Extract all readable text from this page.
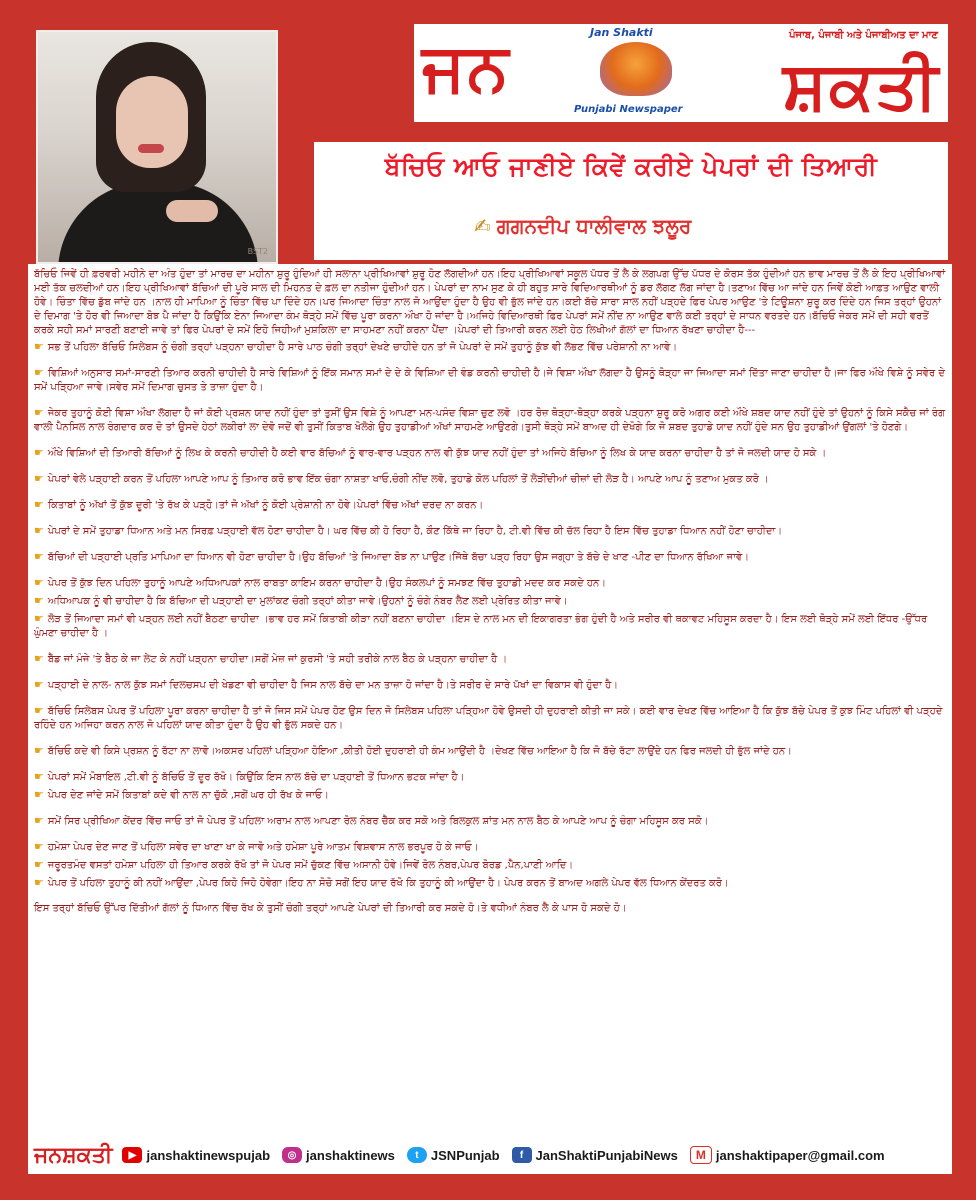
BST2
ਜਨ	Jan Shakti
Punjabi Newspaper
ਪੰਜਾਬ, ਪੰਜਾਬੀ ਅਤੇ ਪੰਜਾਬੀਅਤ ਦਾ ਮਾਣ
ਸ਼ਕਤੀ
ਬੱਚਿਓ ਆਓ ਜਾਣੀਏ ਕਿਵੇਂ ਕਰੀਏ ਪੇਪਰਾਂ ਦੀ ਤਿਆਰੀ
✍ ਗਗਨਦੀਪ ਧਾਲੀਵਾਲ ਝਲੂਰ

ਬੱਚਿਓ ਜਿਵੇਂ ਹੀ ਫ਼ਰਵਰੀ ਮਹੀਨੇ ਦਾ ਅੰਤ ਹੁੰਦਾ ਤਾਂ ਮਾਰਚ ਦਾ ਮਹੀਨਾ ਸ਼ੁਰੂ ਹੁੰਦਿਆਂ ਹੀ ਸਲਾਨਾ ਪ੍ਰੀਖਿਆਵਾਂ ਸ਼ੁਰੂ ਹੋਣ ਲੱਗਦੀਆਂ ਹਨ।ਇਹ ਪ੍ਰੀਖਿਆਵਾਂ ਸਕੂਲ ਪੱਧਰ ਤੋਂ ਲੈ ਕੇ ਲਗਪਗ ਉੱਚ ਪੱਧਰ ਦੇ ਕੋਰਸ ਤੱਕ ਹੁੰਦੀਆਂ ਹਨ ਭਾਵ ਮਾਰਚ ਤੋਂ ਲੈ ਕੇ ਇਹ ਪ੍ਰੀਖਿਆਵਾਂ ਮਈ ਤੱਕ ਚਲਦੀਆਂ ਹਨ।ਇਹ ਪ੍ਰੀਖਿਆਵਾਂ ਬੱਚਿਆਂ ਦੀ ਪੂਰੇ ਸਾਲ ਦੀ ਮਿਹਨਤ ਦੇ ਫ਼ਲ ਦਾ ਨਤੀਜਾ ਹੁੰਦੀਆਂ ਹਨ। ਪੇਪਰਾਂ ਦਾ ਨਾਮ ਸੁਣ ਕੇ ਹੀ ਬਹੁਤ ਸਾਰੇ ਵਿਦਿਆਰਥੀਆਂ ਨੂੰ ਡਰ ਲੱਗਣ ਲੱਗ ਜਾਂਦਾ ਹੈ।ਤਣਾਅ ਵਿੱਚ ਆ ਜਾਂਦੇ ਹਨ ਜਿਵੇਂ ਕੋਈ ਆਫ਼ਤ ਆਉਣ ਵਾਲੀ ਹੋਵੇ। ਚਿੰਤਾ ਵਿੱਚ ਡੁੱਬ ਜਾਂਦੇ ਹਨ ।ਨਾਲ ਹੀ ਮਾਪਿਆ ਨੂੰ ਚਿੰਤਾ ਵਿੱਚ ਪਾ ਦਿੰਦੇ ਹਨ।ਪਰ ਜਿਆਦਾ ਚਿੰਤਾ ਨਾਲ ਜੋ ਆਉਂਦਾ ਹੁੰਦਾ ਹੈ ਉਹ ਵੀ ਭੁੱਲ ਜਾਂਦੇ ਹਨ।ਕਈ ਬੱਚੇ ਸਾਰਾ ਸਾਲ ਨਹੀਂ ਪੜ੍ਹਦੇ ਫਿਰ ਪੇਪਰ ਆਉਣ 'ਤੇ ਟਿਊਸ਼ਨਾ ਸ਼ੁਰੂ ਕਰ ਦਿੰਦੇ ਹਨ ਜਿਸ ਤਰ੍ਹਾਂ ਉਹਨਾਂ ਦੇ ਦਿਮਾਗ 'ਤੇ ਹੋਰ ਵੀ ਜਿਆਦਾ ਬੋਝ ਪੈ ਜਾਂਦਾ ਹੈ ਕਿਉਂਕਿ ਏਨਾ ਜਿਆਦਾ ਕੰਮ ਥੋੜ੍ਹੇ ਸਮੇਂ ਵਿੱਚ ਪੂਰਾ ਕਰਨਾ ਔਖਾ ਹੋ ਜਾਂਦਾ ਹੈ।ਅਜਿਹੇ ਵਿਦਿਆਰਥੀ ਫਿਰ ਪੇਪਰਾਂ ਸਮੇਂ ਨੀਂਦ ਨਾ ਆਉਣ ਵਾਲੇ ਕਈ ਤਰ੍ਹਾਂ ਦੇ ਸਾਧਨ ਵਰਤਦੇ ਹਨ।ਬੱਚਿਓ ਜੇਕਰ ਸਮੇਂ ਦੀ ਸਹੀ ਵਰਤੋਂ ਕਰਕੇ ਸਹੀ ਸਮਾਂ ਸਾਰਣੀ ਬਣਾਈ ਜਾਵੇ ਤਾਂ ਫਿਰ ਪੇਪਰਾਂ ਦੇ ਸਮੇਂ ਇਹੋ ਜਿਹੀਆਂ ਮੁਸ਼ਕਿਲਾ ਦਾ ਸਾਹਮਣਾ ਨਹੀਂ ਕਰਨਾ ਪੈਂਦਾ ।ਪੇਪਰਾਂ ਦੀ ਤਿਆਰੀ ਕਰਨ ਲਈ ਹੇਠ ਲਿਖੀਆਂ ਗੱਲਾਂ ਦਾ ਧਿਆਨ ਰੱਖਣਾ ਚਾਹੀਦਾ ਹੈ---

☛ ਸਭ ਤੋਂ ਪਹਿਲਾ ਬੱਚਿਓ ਸਿਲੇਬਸ ਨੂੰ ਚੰਗੀ ਤਰ੍ਹਾਂ ਪੜ੍ਹਨਾ ਚਾਹੀਦਾ ਹੈ ਸਾਰੇ ਪਾਠ ਚੰਗੀ ਤਰ੍ਹਾਂ ਦੇਖਣੇ ਚਾਹੀਦੇ ਹਨ ਤਾਂ ਜੋ ਪੇਪਰਾਂ ਦੇ ਸਮੇਂ ਤੁਹਾਨੂੰ ਕੁੱਝ ਵੀ ਲੱਭਣ ਵਿੱਚ ਪਰੇਸ਼ਾਨੀ ਨਾ ਆਵੇ।

☛ ਵਿਸ਼ਿਆਂ ਅਨੁਸਾਰ ਸਮਾਂ-ਸਾਰਣੀ ਤਿਆਰ ਕਰਨੀ ਚਾਹੀਦੀ ਹੈ ਸਾਰੇ ਵਿਸ਼ਿਆਂ ਨੂੰ ਇੱਕ ਸਮਾਨ ਸਮਾਂ ਦੇ ਦੇ ਕੇ ਵਿਸ਼ਿਆ ਦੀ ਵੰਡ ਕਰਨੀ ਚਾਹੀਦੀ ਹੈ।ਜੇ ਵਿਸ਼ਾ ਔਖਾ ਲੱਗਦਾ ਹੈ ਉਸਨੂੰ ਥੋੜ੍ਹਾ ਜਾ ਜਿਆਦਾ ਸਮਾਂ ਦਿੱਤਾ ਜਾਣਾ ਚਾਹੀਦਾ ਹੈ।ਜਾ ਫਿਰ ਔਖੇ ਵਿਸ਼ੇ ਨੂੰ ਸਵੇਰ ਦੇ ਸਮੇਂ ਪੜ੍ਹਿਆ ਜਾਵੇ।ਸਵੇਰ ਸਮੇਂ ਦਿਮਾਗ ਚੁਸਤ ਤੇ ਤਾਜ਼ਾ ਹੁੰਦਾ ਹੈ।

☛ ਜੇਕਰ ਤੁਹਾਨੂੰ ਕੋਈ ਵਿਸ਼ਾ ਔਖਾ ਲੱਗਦਾ ਹੈ ਜਾਂ ਕੋਈ ਪ੍ਰਸ਼ਨ ਯਾਦ ਨਹੀਂ ਹੁੰਦਾ ਤਾਂ ਤੁਸੀਂ ਉਸ ਵਿਸ਼ੇ ਨੂੰ ਆਪਣਾ ਮਨ-ਪਸੰਦ ਵਿਸ਼ਾ ਚੁਣ ਲਵੋ ।ਹਰ ਰੋਜ਼ ਥੋੜ੍ਹਾ-ਥੋੜ੍ਹਾ ਕਰਕੇ ਪੜ੍ਹਨਾ ਸ਼ੁਰੂ ਕਰੋ ਅਗਰ ਕਈ ਔਖੇ ਸ਼ਬਦ ਯਾਦ ਨਹੀਂ ਹੁੰਦੇ ਤਾਂ ਉਹਨਾਂ ਨੂੰ ਕਿਸੇ ਸਕੈਚ ਜਾਂ ਰੰਗ ਵਾਲੀ ਪੈਨਸਿਲ ਨਾਲ ਰੰਗਦਾਰ ਕਰ ਦੋ ਤਾਂ ਉਸਦੇ ਹੇਠਾਂ ਲਕੀਰਾਂ ਲਾ ਦੇਵੋ ਜਦੋਂ ਵੀ ਤੁਸੀਂ ਕਿਤਾਬ ਖੋਲੋਗੇ ਉਹ ਤੁਹਾਡੀਆਂ ਅੱਖਾਂ ਸਾਹਮਣੇ ਆਉਣਗੇ।ਤੁਸੀ ਥੋੜ੍ਹੇ ਸਮੇਂ ਬਾਅਦ ਹੀ ਦੇਖੋਗੇ ਕਿ ਜੋ ਸ਼ਬਦ ਤੁਹਾਡੇ ਯਾਦ ਨਹੀਂ ਹੁੰਦੇ ਸਨ ਉਹ ਤੁਹਾਡੀਆਂ ਉਂਗਲਾਂ 'ਤੇ ਹੋਣਗੇ।

☛ ਔਖੇ ਵਿਸ਼ਿਆਂ ਦੀ ਤਿਆਰੀ ਬੱਚਿਆਂ ਨੂੰ ਲਿਖ ਕੇ ਕਰਨੀ ਚਾਹੀਦੀ ਹੈ ਕਈ ਵਾਰ ਬੱਚਿਆਂ ਨੂੰ ਵਾਰ-ਵਾਰ ਪੜ੍ਹਨ ਨਾਲ ਵੀ ਕੁੱਝ ਯਾਦ ਨਹੀਂ ਹੁੰਦਾ ਤਾਂ ਅਜਿਹੇ ਬੱਚਿਆ ਨੂੰ ਲਿਖ ਕੇ ਯਾਦ ਕਰਨਾ ਚਾਹੀਦਾ ਹੈ ਤਾਂ ਜੋ ਜਲਦੀ ਯਾਦ ਹੋ ਸਕੇ ।

☛ ਪੇਪਰਾਂ ਵੇਲੇ ਪੜ੍ਹਾਈ ਕਰਨ ਤੋਂ ਪਹਿਲਾ ਆਪਣੇ ਆਪ ਨੂੰ ਤਿਆਰ ਕਰੋ ਭਾਵ ਇੱਕ ਚੰਗਾ ਨਾਸ਼ਤਾ ਖਾਓ,ਚੰਗੀ ਨੀਂਦ ਲਵੋ, ਤੁਹਾਡੇ ਕੋਲ ਪਹਿਲਾਂ ਤੋਂ ਲੋੜੀਂਦੀਆਂ ਚੀਜ਼ਾਂ ਦੀ ਲੋੜ ਹੈ। ਆਪਣੇ ਆਪ ਨੂੰ ਤਣਾਅ ਮੁਕਤ ਕਰੋ ।

☛ ਕਿਤਾਬਾਂ ਨੂੰ ਅੱਖਾਂ ਤੋਂ ਕੁੱਝ ਦੂਰੀ 'ਤੇ ਰੱਖ ਕੇ ਪੜ੍ਹੋ।ਤਾਂ ਜੋ ਅੱਖਾਂ ਨੂੰ ਕੋਈ ਪ੍ਰੇਸ਼ਾਨੀ ਨਾ ਹੋਵੇ।ਪੇਪਰਾਂ ਵਿੱਚ ਅੱਖਾਂ ਦਰਦ ਨਾ ਕਰਨ।

☛ ਪੇਪਰਾਂ ਦੇ ਸਮੇਂ ਤੁਹਾਡਾ ਧਿਆਨ ਅਤੇ ਮਨ ਸਿਰਫ਼ ਪੜ੍ਹਾਈ ਵੱਲ ਹੋਣਾ ਚਾਹੀਦਾ ਹੈ। ਘਰ ਵਿੱਚ ਕੀ ਹੋ ਰਿਹਾ ਹੈ, ਕੌਣ ਕਿੱਥੇ ਜਾ ਰਿਹਾ ਹੈ, ਟੀ.ਵੀ ਵਿੱਚ ਕੀ ਚੱਲ ਰਿਹਾ ਹੈ ਇਸ ਵਿੱਚ ਤੁਹਾਡਾ ਧਿਆਨ ਨਹੀਂ ਹੋਣਾ ਚਾਹੀਦਾ।

☛ ਬੱਚਿਆਂ ਦੀ ਪੜ੍ਹਾਈ ਪ੍ਰਤਿ ਮਾਪਿਆ ਦਾ ਧਿਆਨ ਵੀ ਹੋਣਾ ਚਾਹੀਦਾ ਹੈ।ਉਹ ਬੱਚਿਆਂ 'ਤੇ ਜਿਆਦਾ ਬੋਝ ਨਾ ਪਾਉਣ।ਜਿੱਥੇ ਬੱਚਾ ਪੜ੍ਹ ਰਿਹਾ ਉਸ ਜਗ੍ਹਾ ਤੇ ਬੱਚੇ ਦੇ ਖਾਣ -ਪੀਣ ਦਾ ਧਿਆਨ ਰੱਖਿਆ ਜਾਵੇ।

☛ ਪੇਪਰ ਤੋਂ ਕੁੱਝ ਦਿਨ ਪਹਿਲਾ ਤੁਹਾਨੂੰ ਆਪਣੇ ਅਧਿਆਪਕਾਂ ਨਾਲ ਰਾਬਤਾ ਕਾਇਮ ਕਰਨਾ ਚਾਹੀਦਾ ਹੈ।ਉਹ ਸੰਕਲਪਾਂ ਨੂੰ ਸਮਝਣ ਵਿੱਚ ਤੁਹਾਡੀ ਮਦਦ ਕਰ ਸਕਦੇ ਹਨ।

☛ ਅਧਿਆਪਕ ਨੂੰ ਵੀ ਚਾਹੀਦਾ ਹੈ ਕਿ ਬੱਚਿਆ ਦੀ ਪੜ੍ਹਾਈ ਦਾ ਮੁਲਾਂਕਣ ਚੰਗੀ ਤਰ੍ਹਾਂ ਕੀਤਾ ਜਾਵੇ।ਉਹਨਾਂ ਨੂੰ ਚੰਗੇ ਨੰਬਰ ਲੈਣ ਲਈ ਪ੍ਰੇਰਿਤ ਕੀਤਾ ਜਾਵੇ।

☛ ਲੋੜ ਤੋਂ ਜਿਆਦਾ ਸਮਾਂ ਵੀ ਪੜ੍ਹਨ ਲਈ ਨਹੀਂ ਬੈਠਣਾ ਚਾਹੀਦਾ ।ਭਾਵ ਹਰ ਸਮੇਂ ਕਿਤਾਬੀ ਕੀੜਾ ਨਹੀਂ ਬਣਨਾ ਚਾਹੀਦਾ ।ਇਸ ਦੇ ਨਾਲ ਮਨ ਦੀ ਇਕਾਗਰਤਾ ਭੰਗ ਹੁੰਦੀ ਹੈ ਅਤੇ ਸਰੀਰ ਵੀ ਥਕਾਵਟ ਮਹਿਸੂਸ ਕਰਦਾ ਹੈ। ਇਸ ਲਈ ਥੋੜ੍ਹੇ ਸਮੇਂ ਲਈ ਇੱਧਰ -ਉੱਧਰ ਘੁੰਮਣਾ ਚਾਹੀਦਾ ਹੈ ।

☛ ਬੈੱਡ ਜਾਂ ਮੰਜੇ 'ਤੇ ਬੈਠ ਕੇ ਜਾ ਲੇਟ ਕੇ ਨਹੀਂ ਪੜ੍ਹਨਾ ਚਾਹੀਦਾ।ਸਗੋਂ ਮੇਜ਼ ਜਾਂ ਕੁਰਸੀ 'ਤੇ ਸਹੀ ਤਰੀਕੇ ਨਾਲ ਬੈਠ ਕੇ ਪੜ੍ਹਨਾ ਚਾਹੀਦਾ ਹੈ ।

☛ ਪੜ੍ਹਾਈ ਦੇ ਨਾਲ- ਨਾਲ ਕੁੱਝ ਸਮਾਂ ਦਿਲਚਸਪ ਦੀ ਖੇਡਣਾ ਵੀ ਚਾਹੀਦਾ ਹੈ ਜਿਸ ਨਾਲ ਬੱਚੇ ਦਾ ਮਨ ਤਾਜ਼ਾ ਹੋ ਜਾਂਦਾ ਹੈ।ਤੇ ਸਰੀਰ ਦੇ ਸਾਰੇ ਪੱਖਾਂ ਦਾ ਵਿਕਾਸ ਵੀ ਹੁੰਦਾ ਹੈ।

☛ ਬੱਚਿਓ ਸਿਲੇਬਸ ਪੇਪਰ ਤੋਂ ਪਹਿਲਾ ਪੂਰਾ ਕਰਨਾ ਚਾਹੀਦਾ ਹੈ ਤਾਂ ਜੋ ਜਿਸ ਸਮੇਂ ਪੇਪਰ ਹੋਣ ਉਸ ਦਿਨ ਜੋ ਸਿਲੇਬਸ ਪਹਿਲਾ ਪੜ੍ਹਿਆ ਹੋਵੇ ਉਸਦੀ ਹੀ ਦੁਹਰਾਈ ਕੀਤੀ ਜਾ ਸਕੇ। ਕਈ ਵਾਰ ਦੇਖਣ ਵਿੱਚ ਆਇਆ ਹੈ ਕਿ ਕੁੱਝ ਬੱਚੇ ਪੇਪਰ ਤੋਂ ਕੁਝ ਮਿੰਟ ਪਹਿਲਾਂ ਵੀ ਪੜ੍ਹਦੇ ਰਹਿੰਦੇ ਹਨ ਅਜਿਹਾ ਕਰਨ ਨਾਲ ਜੋ ਪਹਿਲਾਂ ਯਾਦ ਕੀਤਾ ਹੁੰਦਾ ਹੈ ਉਹ ਵੀ ਭੁੱਲ ਸਕਦੇ ਹਨ।

☛ ਬੱਚਿਓ ਕਦੇ ਵੀ ਕਿਸੇ ਪ੍ਰਸ਼ਨ ਨੂੰ ਰੱਟਾ ਨਾ ਲਾਵੋ।ਅਕਸਰ ਪਹਿਲਾਂ ਪੜ੍ਹਿਆ ਹੋਇਆ ,ਕੀਤੀ ਹੋਈ ਦੁਹਰਾਈ ਹੀ ਕੰਮ ਆਉਂਦੀ ਹੈ ।ਦੇਖਣ ਵਿੱਚ ਆਇਆ ਹੈ ਕਿ ਜੋ ਬੱਚੇ ਰੱਟਾ ਲਾਉਂਦੇ ਹਨ ਫਿਰ ਜਲਦੀ ਹੀ ਭੁੱਲ ਜਾਂਦੇ ਹਨ।

☛ ਪੇਪਰਾਂ ਸਮੇਂ ਮੋਬਾਇਲ ,ਟੀ.ਵੀ ਨੂੰ ਬੱਚਿਓ ਤੋਂ ਦੂਰ ਰੱਖੋ। ਕਿਉਂਕਿ ਇਸ ਨਾਲ ਬੱਚੇ ਦਾ ਪੜ੍ਹਾਈ ਤੋਂ ਧਿਆਨ ਭਟਕ ਜਾਂਦਾ ਹੈ।

☛ ਪੇਪਰ ਦੇਣ ਜਾਂਦੇ ਸਮੇਂ ਕਿਤਾਬਾਂ ਕਦੇ ਵੀ ਨਾਲ ਨਾ ਚੁੱਕੋ ,ਸਗੋਂ ਘਰ ਹੀ ਰੱਖ ਕੇ ਜਾਓ।

☛ ਸਮੇਂ ਸਿਰ ਪ੍ਰੀਖਿਆ ਕੇਂਦਰ ਵਿੱਚ ਜਾਓ ਤਾਂ ਜੋ ਪੇਪਰ ਤੋਂ ਪਹਿਲਾ ਅਰਾਮ ਨਾਲ ਆਪਣਾ ਰੋਲ ਨੰਬਰ ਚੈੱਕ ਕਰ ਸਕੋ ਅਤੇ ਬਿਲਕੁਲ ਸ਼ਾਂਤ ਮਨ ਨਾਲ ਬੈਠ ਕੇ ਆਪਣੇ ਆਪ ਨੂੰ ਚੰਗਾ ਮਹਿਸੂਸ ਕਰ ਸਕੋ।

☛ ਹਮੇਸ਼ਾ ਪੇਪਰ ਦੇਣ ਜਾਣ ਤੋਂ ਪਹਿਲਾ ਸਵੇਰ ਦਾ ਖਾਣਾ ਖਾ ਕੇ ਜਾਵੋ ਅਤੇ ਹਮੇਸ਼ਾ ਪੂਰੇ ਆਤਮ ਵਿਸ਼ਵਾਸ ਨਾਲ ਭਰਪੂਰ ਹੋ ਕੇ ਜਾਓ।

☛ ਜਰੂਰਤਮੰਦ ਵਸਤਾਂ ਹਮੇਸ਼ਾ ਪਹਿਲਾ ਹੀ ਤਿਆਰ ਕਰਕੇ ਰੱਖੋ ਤਾਂ ਜੋ ਪੇਪਰ ਸਮੇਂ ਚੁੱਕਣ ਵਿੱਚ ਅਸਾਨੀ ਹੋਵੇ।ਜਿਵੇਂ ਰੋਲ ਨੰਬਰ,ਪੇਪਰ ਬੋਰਡ ,ਪੈੱਨ,ਪਾਣੀ ਆਦਿ।

☛ ਪੇਪਰ ਤੋਂ ਪਹਿਲਾ ਤੁਹਾਨੂੰ ਕੀ ਨਹੀਂ ਆਉਂਦਾ ,ਪੇਪਰ ਕਿਹੋ ਜਿਹੋ ਹੋਵੇਗਾ।ਇਹ ਨਾ ਸੋਚੋ ਸਗੋਂ ਇਹ ਯਾਦ ਰੱਖੋ ਕਿ ਤੁਹਾਨੂੰ ਕੀ ਆਉਂਦਾ ਹੈ। ਪੇਪਰ ਕਰਨ ਤੋਂ ਬਾਅਦ ਅਗਲੇ ਪੇਪਰ ਵੱਲ ਧਿਆਨ ਕੇਂਦਰਤ ਕਰੋ।

ਇਸ ਤਰ੍ਹਾਂ ਬੱਚਿਓ ਉੱਪਰ ਦਿੱਤੀਆਂ ਗੱਲਾਂ ਨੂੰ ਧਿਆਨ ਵਿੱਚ ਰੱਖ ਕੇ ਤੁਸੀਂ ਚੰਗੀ ਤਰ੍ਹਾਂ ਆਪਣੇ ਪੇਪਰਾਂ ਦੀ ਤਿਆਰੀ ਕਰ ਸਕਦੇ ਹੋ।ਤੇ ਵਧੀਆਂ ਨੰਬਰ ਲੈ ਕੇ ਪਾਸ ਹੋ ਸਕਦੇ ਹੋ।

ਜਨਸ਼ਕਤੀ	▶ janshaktinewspujab	◎ janshaktinews	t JSNPunjab	f JanShaktiPunjabiNews	M janshaktipaper@gmail.com
